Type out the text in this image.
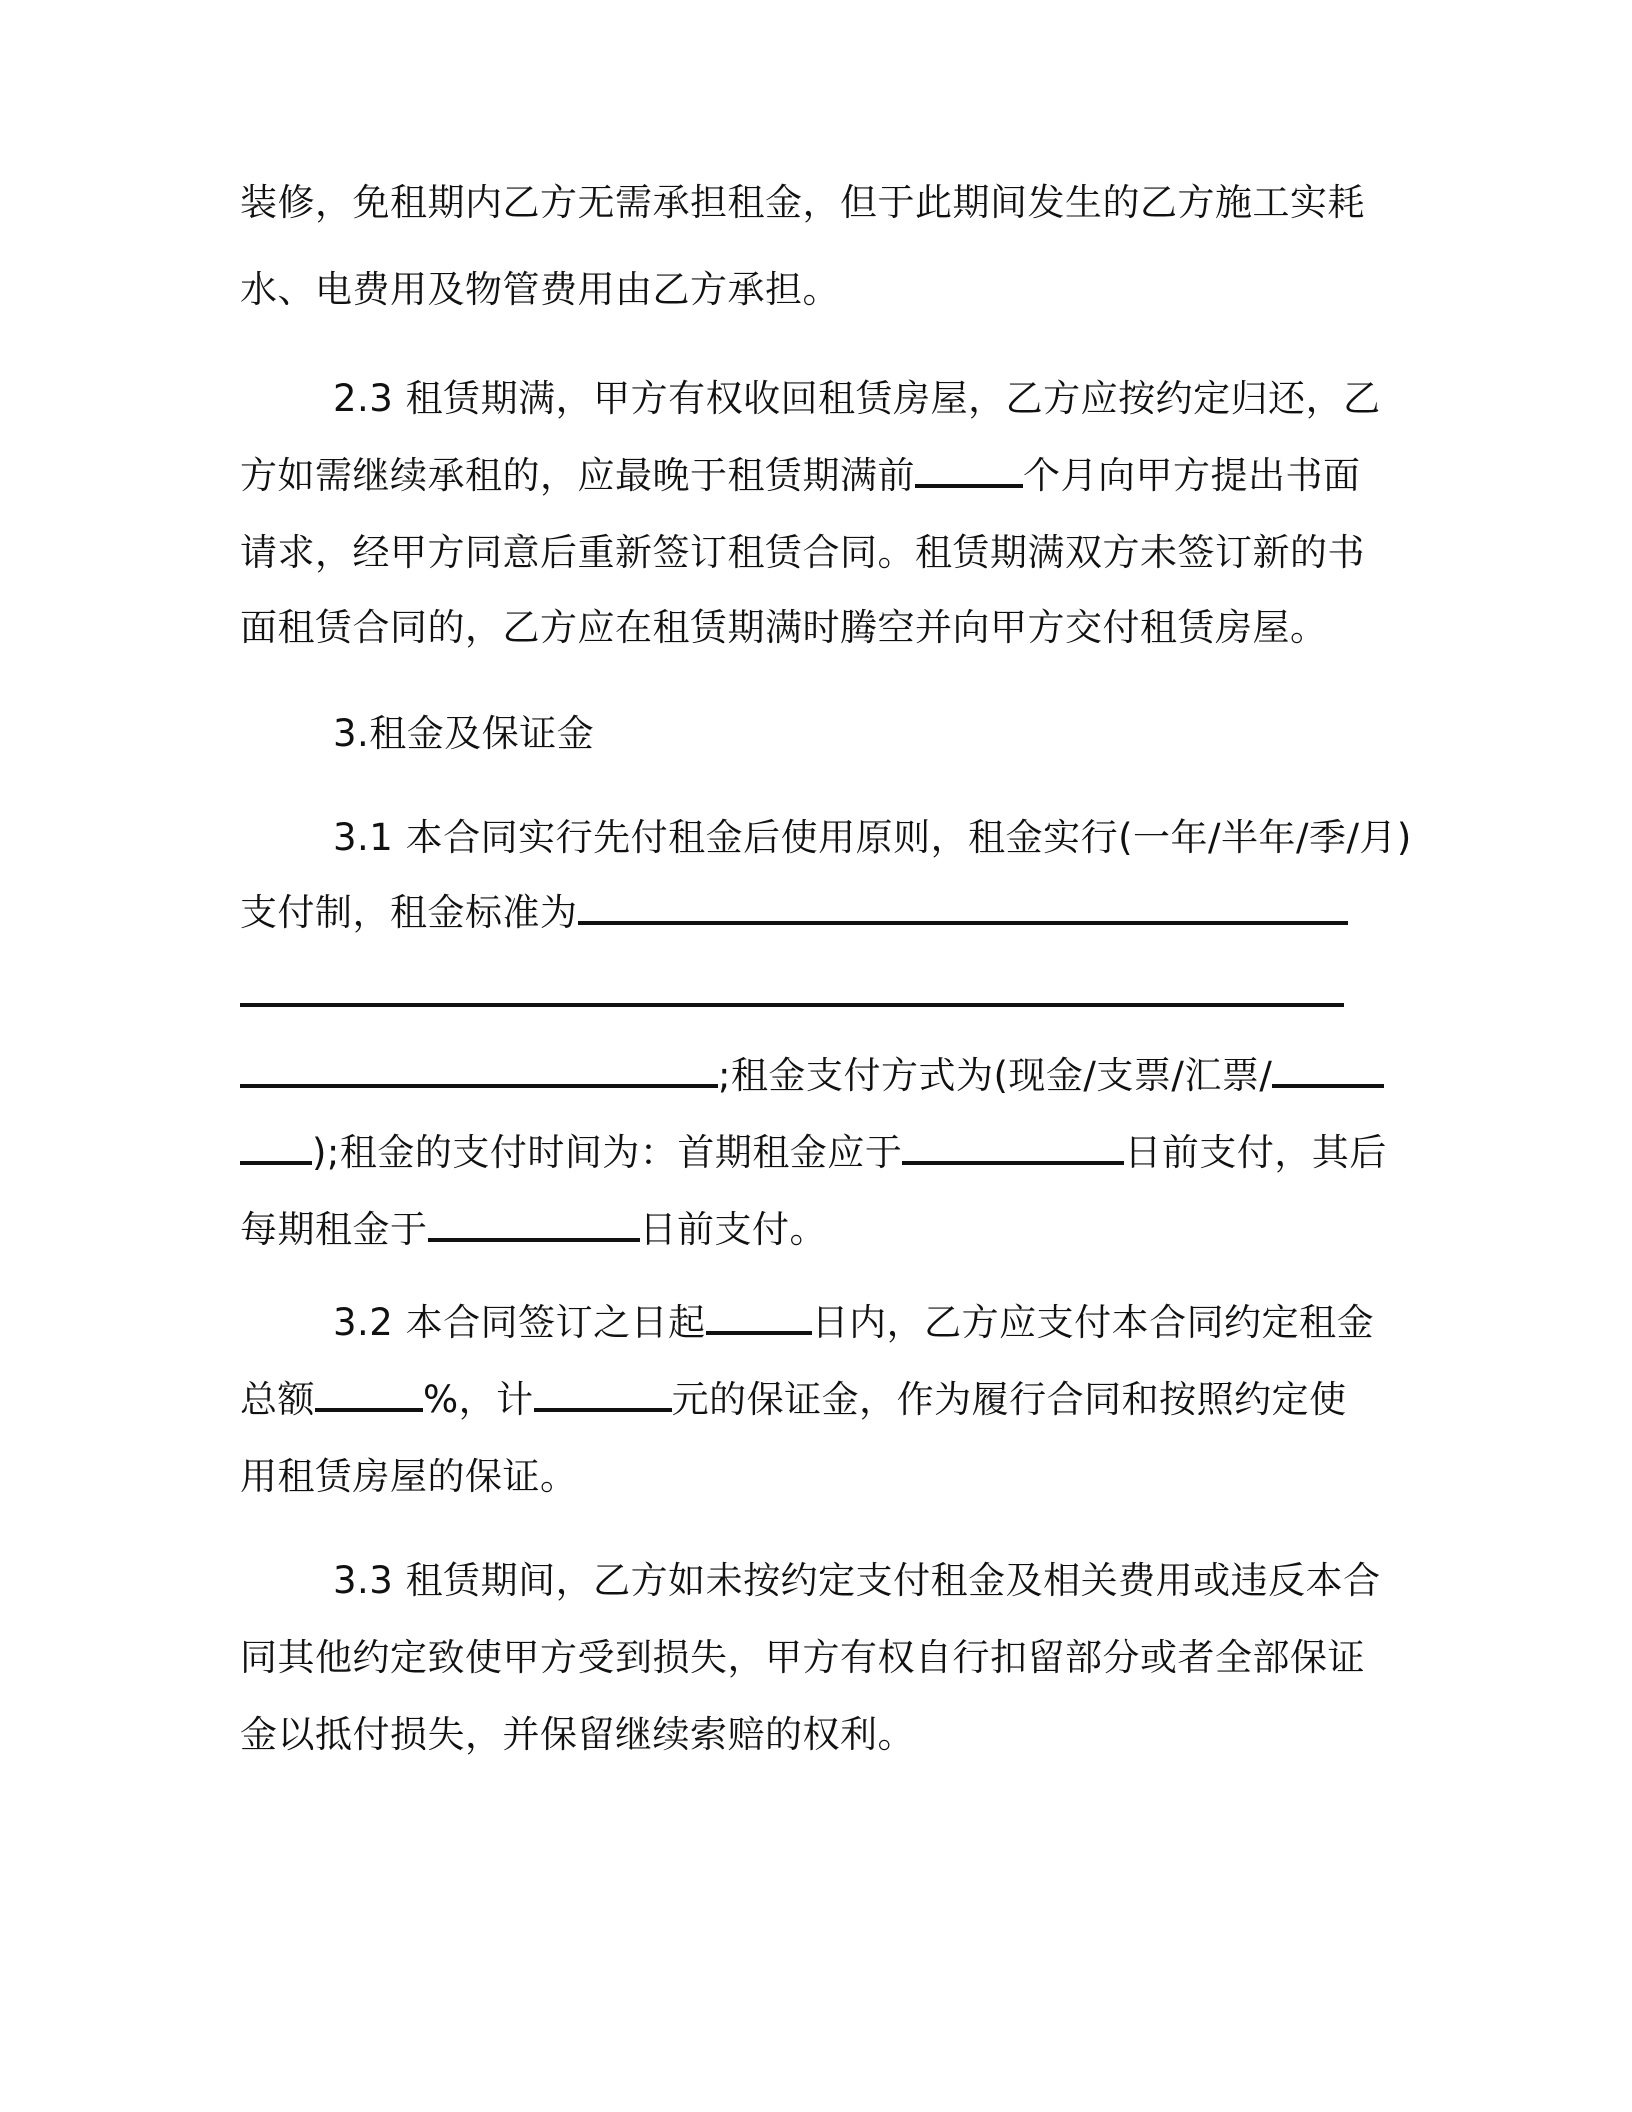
装修，免租期内乙方无需承担租金，但于此期间发生的乙方施工实耗
水、电费用及物管费用由乙方承担。
2.3 租赁期满，甲方有权收回租赁房屋，乙方应按约定归还，乙
方如需继续承租的，应最晚于租赁期满前	个月向甲方提出书面
请求，经甲方同意后重新签订租赁合同。租赁期满双方未签订新的书
面租赁合同的，乙方应在租赁期满时腾空并向甲方交付租赁房屋。
3.租金及保证金
3.1 本合同实行先付租金后使用原则，租金实行(一年/半年/季/月)
支付制，租金标准为
;租金支付方式为(现金/支票/汇票/
);租金的支付时间为：首期租金应于	日前支付，其后
每期租金于	日前支付。
3.2 本合同签订之日起	日内，乙方应支付本合同约定租金
总额	%，计	元的保证金，作为履行合同和按照约定使
用租赁房屋的保证。
3.3 租赁期间，乙方如未按约定支付租金及相关费用或违反本合
同其他约定致使甲方受到损失，甲方有权自行扣留部分或者全部保证
金以抵付损失，并保留继续索赔的权利。
